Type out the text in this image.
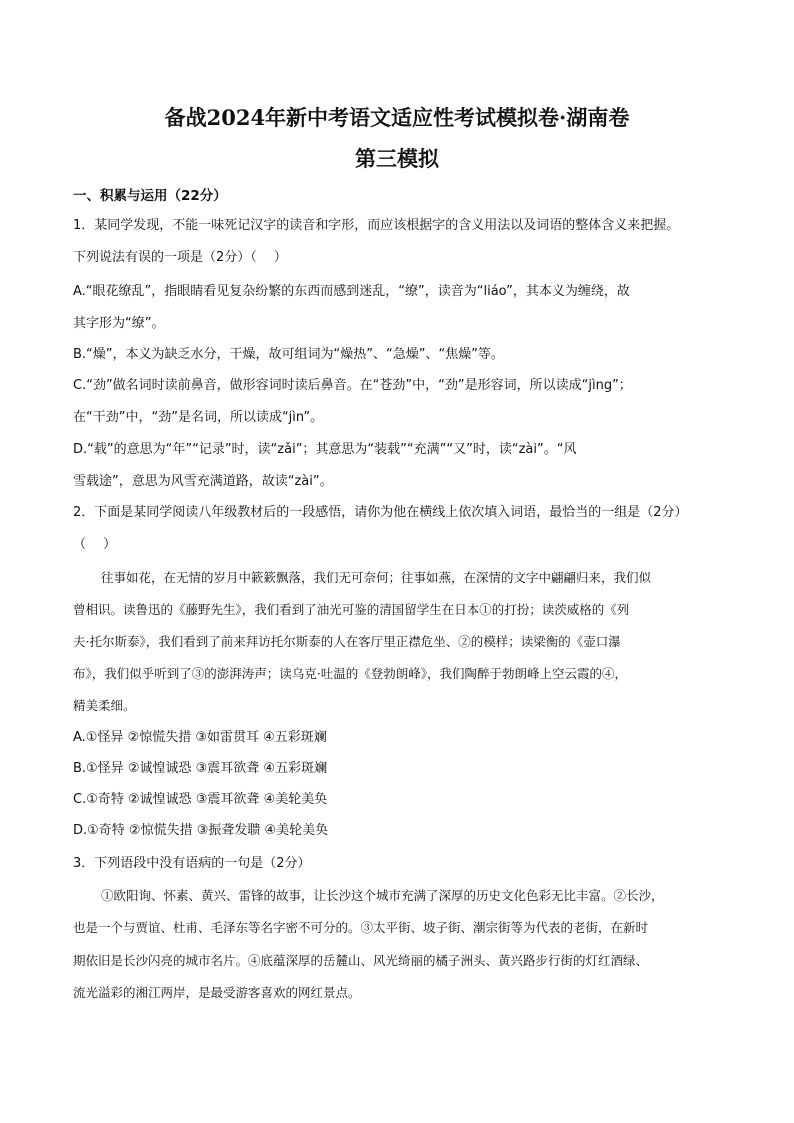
备战2024年新中考语文适应性考试模拟卷·湖南卷
第三模拟
一、积累与运用（22分）
1．某同学发现，不能一味死记汉字的读音和字形，而应该根据字的含义用法以及词语的整体含义来把握。
下列说法有误的一项是（2分）（　 ）
A.“眼花缭乱”，指眼睛看见复杂纷繁的东西而感到迷乱，“缭”，读音为“liáo”，其本义为缠绕，故
其字形为“缭”。
B.“燥”，本义为缺乏水分，干燥，故可组词为“燥热”、“急燥”、“焦燥”等。
C.“劲”做名词时读前鼻音，做形容词时读后鼻音。在“苍劲”中，“劲”是形容词，所以读成“jìng”；
在“干劲”中，“劲”是名词，所以读成“jìn”。
D.“载”的意思为“年”“记录”时，读“zǎi”；其意思为“装载”“充满”“又”时，读“zài”。“风
雪载途”，意思为风雪充满道路，故读“zài”。
2．下面是某同学阅读八年级教材后的一段感悟，请你为他在横线上依次填入词语，最恰当的一组是（2分）
（　 ）
往事如花，在无情的岁月中簌簌飘落，我们无可奈何；往事如燕，在深情的文字中翩翩归来，我们似
曾相识。读鲁迅的《藤野先生》，我们看到了油光可鉴的清国留学生在日本①的打扮；读茨威格的《列
夫·托尔斯泰》，我们看到了前来拜访托尔斯泰的人在客厅里正襟危坐、②的模样；读梁衡的《壶口瀑
布》，我们似乎听到了③的澎湃涛声；读乌克·吐温的《登勃朗峰》，我们陶醉于勃朗峰上空云霞的④，
精美柔细。
A.①怪异 ②惊慌失措 ③如雷贯耳 ④五彩斑斓
B.①怪异 ②诚惶诚恐 ③震耳欲聋 ④五彩斑斓
C.①奇特 ②诚惶诚恐 ③震耳欲聋 ④美轮美奂
D.①奇特 ②惊慌失措 ③振聋发聩 ④美轮美奂
3．下列语段中没有语病的一句是（2分）
①欧阳询、怀素、黄兴、雷锋的故事，让长沙这个城市充满了深厚的历史文化色彩无比丰富。②长沙，
也是一个与贾谊、杜甫、毛泽东等名字密不可分的。③太平街、坡子街、潮宗街等为代表的老街，在新时
期依旧是长沙闪亮的城市名片。④底蕴深厚的岳麓山、风光绮丽的橘子洲头、黄兴路步行街的灯红酒绿、
流光溢彩的湘江两岸，是最受游客喜欢的网红景点。
